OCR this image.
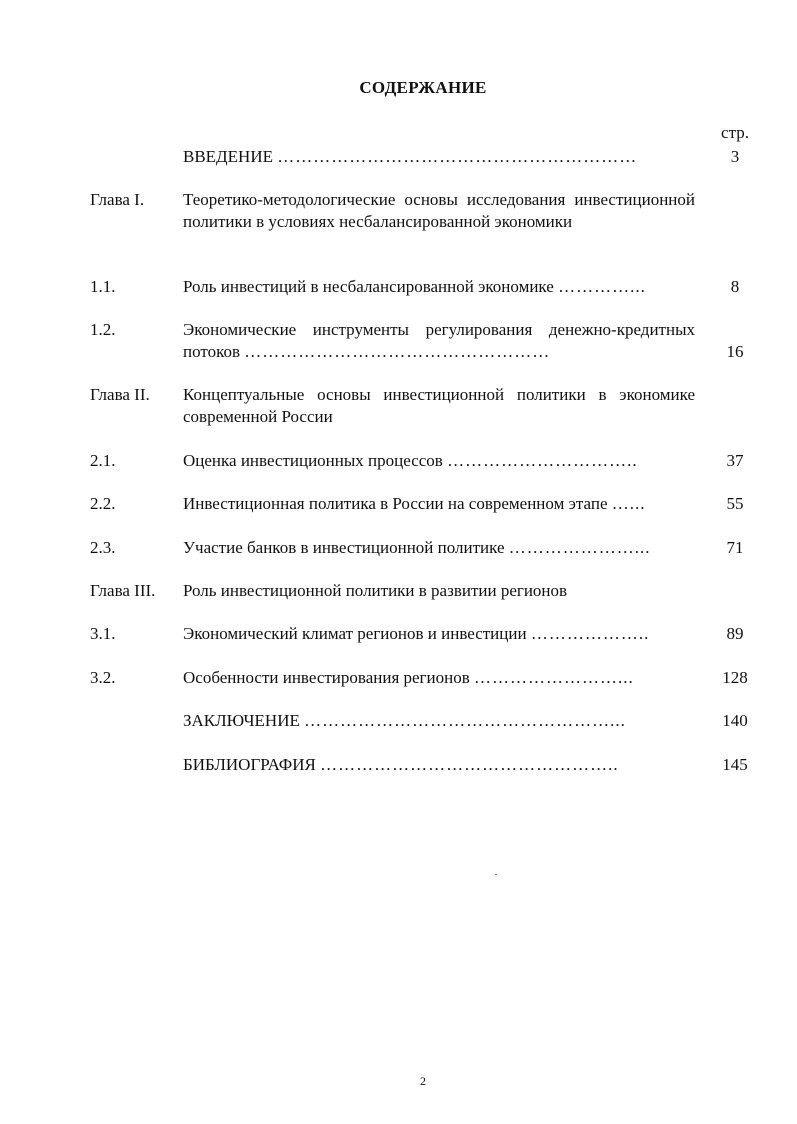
СОДЕРЖАНИЕ
стр.
ВВЕДЕНИЕ ……………………………………………………	3
Глава I. Теоретико-методологические основы исследования инвестиционной политики в условиях несбалансированной экономики
1.1.	Роль инвестиций в несбалансированной экономике …………...	8
1.2.	Экономические инструменты регулирования денежно-кредитных потоков ……………………………………………	16
Глава II. Концептуальные основы инвестиционной политики в экономике современной России
2.1.	Оценка инвестиционных процессов …………………………..	37
2.2.	Инвестиционная политика в России на современном этапе …...	55
2.3.	Участие банков в инвестиционной политике …………………...	71
Глава III. Роль инвестиционной политики в развитии регионов
3.1.	Экономический климат регионов и инвестиции ………………..	89
3.2.	Особенности инвестирования регионов ……………………...	128
ЗАКЛЮЧЕНИЕ ……………………………………………...	140
БИБЛИОГРАФИЯ …………………………………………..	145
2
